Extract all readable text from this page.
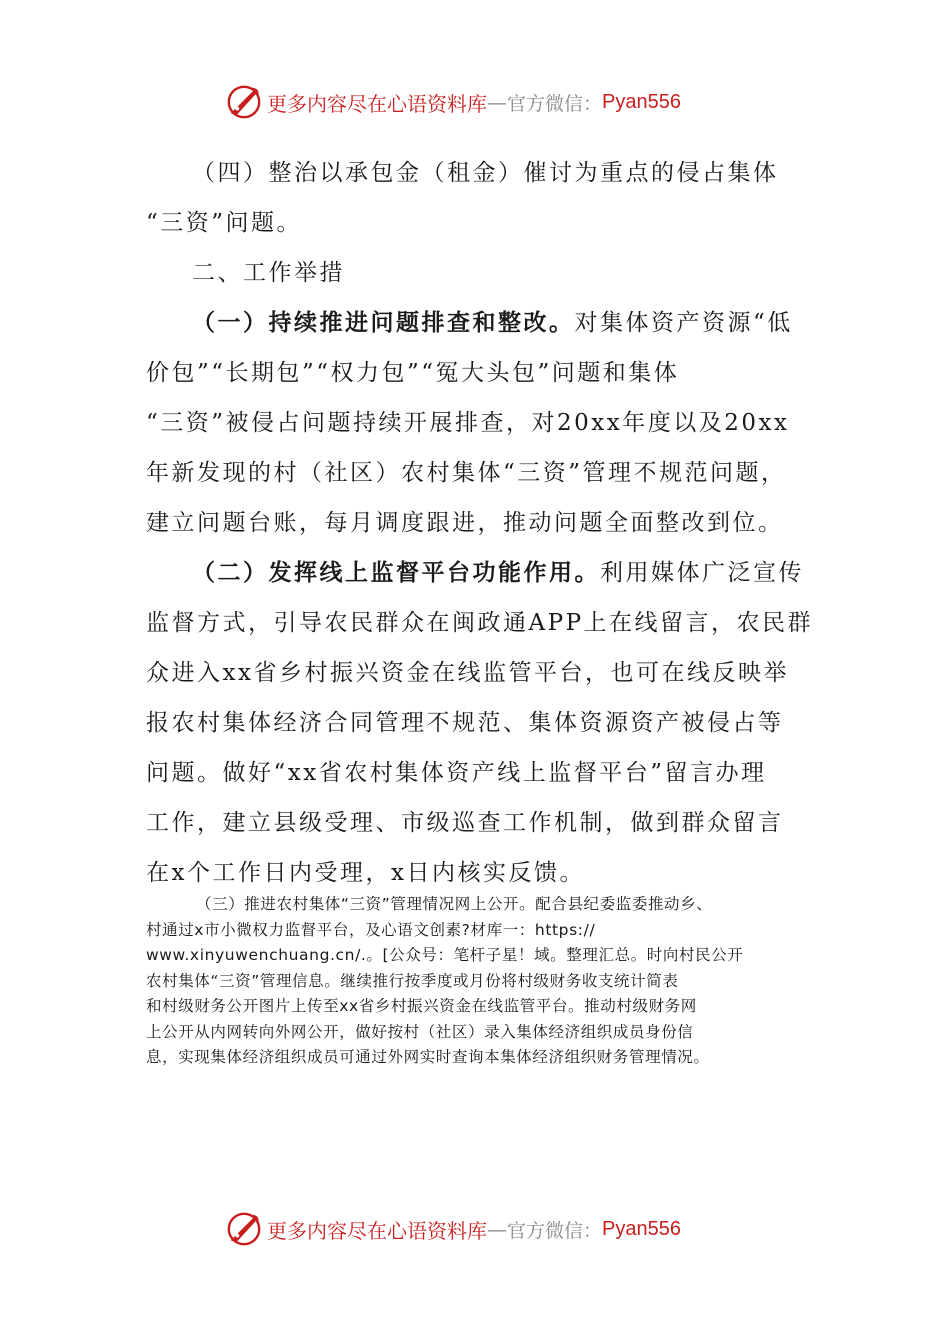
更多内容尽在心语资料库 — 官方微信： Pyan556
（四）整治以承包金（租金）催讨为重点的侵占集体
“三资”问题。
二、工作举措
（一）持续推进问题排查和整改。对集体资产资源“低
价包”“长期包”“权力包”“冤大头包”问题和集体
“三资”被侵占问题持续开展排查，对20xx年度以及20xx
年新发现的村（社区）农村集体“三资”管理不规范问题，
建立问题台账，每月调度跟进，推动问题全面整改到位。
（二）发挥线上监督平台功能作用。利用媒体广泛宣传
监督方式，引导农民群众在闽政通APP上在线留言，农民群
众进入xx省乡村振兴资金在线监管平台，也可在线反映举
报农村集体经济合同管理不规范、集体资源资产被侵占等
问题。做好“xx省农村集体资产线上监督平台”留言办理
工作，建立县级受理、市级巡查工作机制，做到群众留言
在x个工作日内受理，x日内核实反馈。
（三）推进农村集体“三资”管理情况网上公开。配合县纪委监委推动乡、
村通过x市小微权力监督平台，及心语文创素?材库一：https://
www.xinyuwenchuang.cn/.。[公众号：笔杆子星！域。整理汇总。时向村民公开
农村集体“三资”管理信息。继续推行按季度或月份将村级财务收支统计简表
和村级财务公开图片上传至xx省乡村振兴资金在线监管平台。推动村级财务网
上公开从内网转向外网公开，做好按村（社区）录入集体经济组织成员身份信
息，实现集体经济组织成员可通过外网实时查询本集体经济组织财务管理情况。
更多内容尽在心语资料库 — 官方微信： Pyan556
